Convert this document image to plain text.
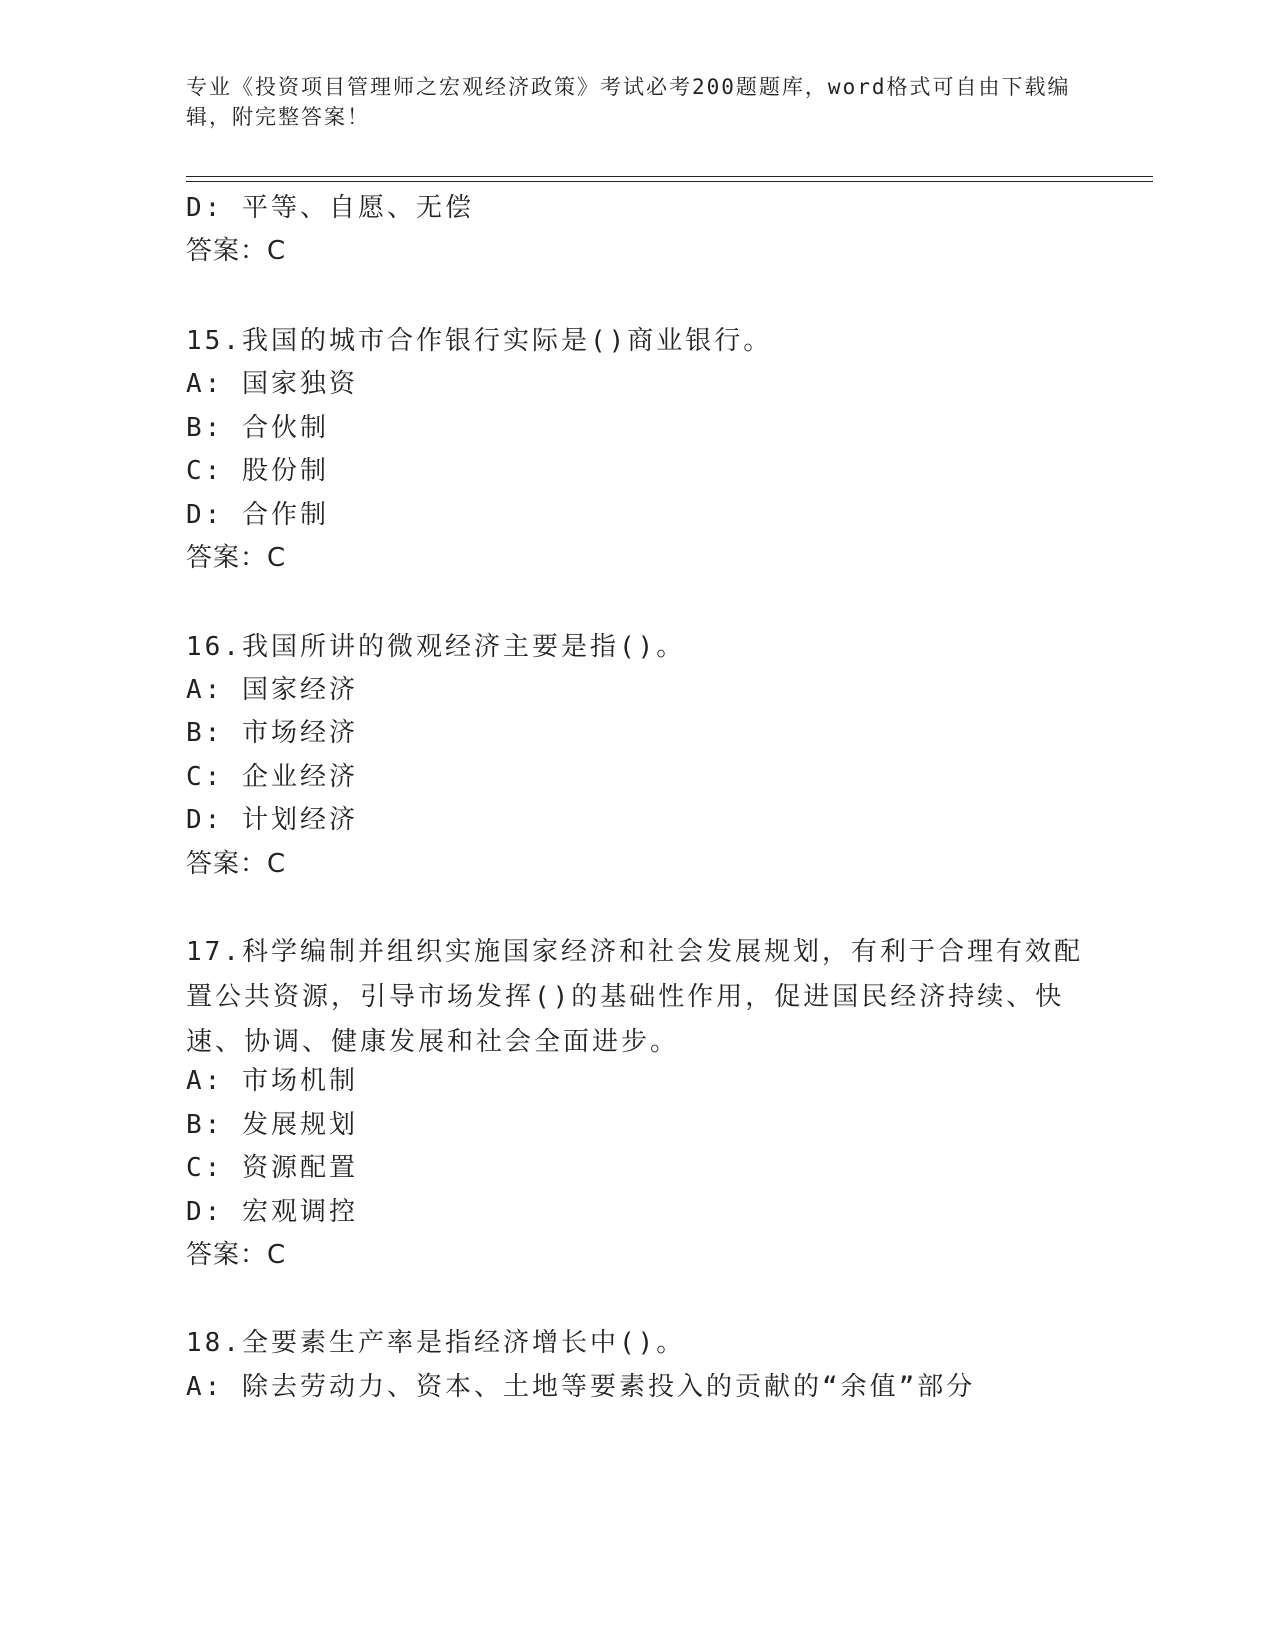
专业《投资项目管理师之宏观经济政策》考试必考200题题库，word格式可自由下载编辑，附完整答案！
D: 平等、自愿、无偿
答案：C
15.我国的城市合作银行实际是()商业银行。
A: 国家独资
B: 合伙制
C: 股份制
D: 合作制
答案：C
16.我国所讲的微观经济主要是指()。
A: 国家经济
B: 市场经济
C: 企业经济
D: 计划经济
答案：C
17.科学编制并组织实施国家经济和社会发展规划，有利于合理有效配置公共资源，引导市场发挥()的基础性作用，促进国民经济持续、快速、协调、健康发展和社会全面进步。
A: 市场机制
B: 发展规划
C: 资源配置
D: 宏观调控
答案：C
18.全要素生产率是指经济增长中()。
A: 除去劳动力、资本、土地等要素投入的贡献的“余值”部分
